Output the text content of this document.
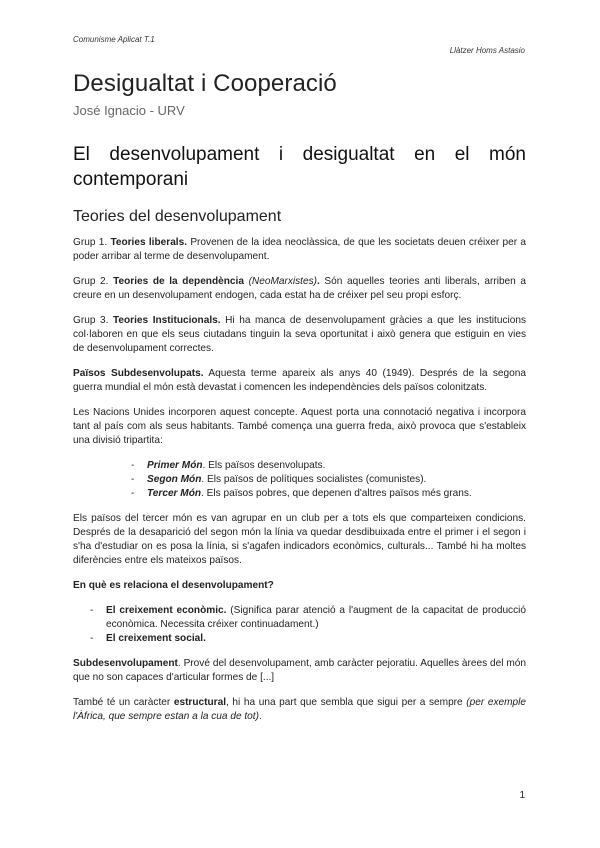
Comunisme Aplicat T.1
Llàtzer Homs Astasio
Desigualtat i Cooperació
José Ignacio - URV
El desenvolupament i desigualtat en el món contemporani
Teories del desenvolupament

Grup 1. Teories liberals. Provenen de la idea neoclàssica, de que les societats deuen créixer per a poder arribar al terme de desenvolupament.

Grup 2. Teories de la dependència (NeoMarxistes). Són aquelles teories anti liberals, arriben a creure en un desenvolupament endogen, cada estat ha de créixer pel seu propi esforç.

Grup 3. Teories Institucionals. Hi ha manca de desenvolupament gràcies a que les institucions col·laboren en que els seus ciutadans tinguin la seva oportunitat i això genera que estiguin en vies de desenvolupament correctes.

Països Subdesenvolupats. Aquesta terme apareix als anys 40 (1949). Després de la segona guerra mundial el món està devastat i comencen les independències dels països colonitzats.

Les Nacions Unides incorporen aquest concepte. Aquest porta una connotació negativa i incorpora tant al país com als seus habitants. També comença una guerra freda, això provoca que s'estableix una divisió tripartita:

- Primer Món. Els països desenvolupats.
- Segon Món. Els països de polítiques socialistes (comunistes).
- Tercer Món. Els països pobres, que depenen d'altres països més grans.

Els països del tercer món es van agrupar en un club per a tots els que comparteixen condicions. Després de la desaparició del segon món la línia va quedar desdibuixada entre el primer i el segon i s'ha d'estudiar on es posa la línia, si s'agafen indicadors econòmics, culturals... També hi ha moltes diferències entre els mateixos països.

En què es relaciona el desenvolupament?

- El creixement econòmic. (Significa parar atenció a l'augment de la capacitat de producció econòmica. Necessita créixer continuadament.)
- El creixement social.

Subdesenvolupament. Prové del desenvolupament, amb caràcter pejoratiu. Aquelles àrees del món que no son capaces d'articular formes de [...]

També té un caràcter estructural, hi ha una part que sembla que sigui per a sempre (per exemple l'Àfrica, que sempre estan a la cua de tot).

1
